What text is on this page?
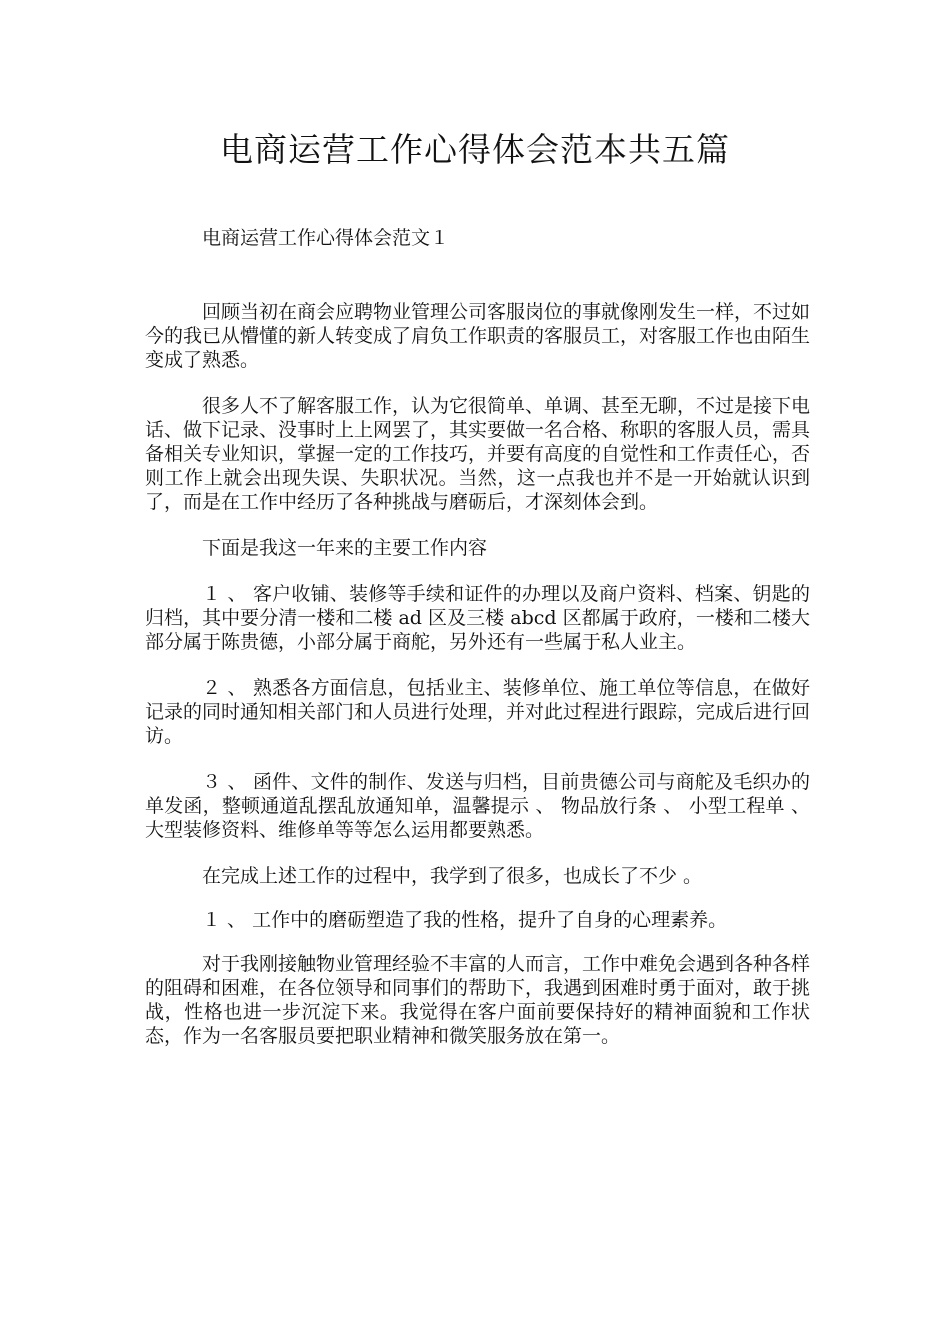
电商运营工作心得体会范本共五篇

电商运营工作心得体会范文１

回顾当初在商会应聘物业管理公司客服岗位的事就像刚发生一样，不过如今的我已从懵懂的新人转变成了肩负工作职责的客服员工，对客服工作也由陌生变成了熟悉。

很多人不了解客服工作，认为它很简单、单调、甚至无聊，不过是接下电话、做下记录、没事时上上网罢了，其实要做一名合格、称职的客服人员，需具备相关专业知识，掌握一定的工作技巧，并要有高度的自觉性和工作责任心，否则工作上就会出现失误、失职状况。当然，这一点我也并不是一开始就认识到了，而是在工作中经历了各种挑战与磨砺后，才深刻体会到。

下面是我这一年来的主要工作内容

１ 、 客户收铺、装修等手续和证件的办理以及商户资料、档案、钥匙的归档，其中要分清一楼和二楼 ad 区及三楼 abcd 区都属于政府，一楼和二楼大部分属于陈贵德，小部分属于商舵，另外还有一些属于私人业主。

２ 、 熟悉各方面信息，包括业主、装修单位、施工单位等信息，在做好记录的同时通知相关部门和人员进行处理，并对此过程进行跟踪，完成后进行回访。

３ 、 函件、文件的制作、发送与归档，目前贵德公司与商舵及毛织办的单发函，整顿通道乱摆乱放通知单，温馨提示 、 物品放行条 、 小型工程单 、大型装修资料、维修单等等怎么运用都要熟悉。

在完成上述工作的过程中，我学到了很多，也成长了不少 。

１ 、 工作中的磨砺塑造了我的性格，提升了自身的心理素养。

对于我刚接触物业管理经验不丰富的人而言，工作中难免会遇到各种各样的阻碍和困难，在各位领导和同事们的帮助下，我遇到困难时勇于面对，敢于挑战，性格也进一步沉淀下来。我觉得在客户面前要保持好的精神面貌和工作状态，作为一名客服员要把职业精神和微笑服务放在第一。
